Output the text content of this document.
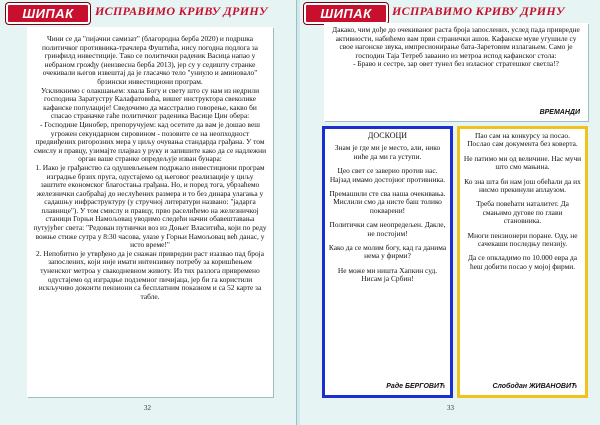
ШИПАК	ИСПРАВИМО КРИВУ ДРИНУ

Чини се да "пијачни самизат" (благородна берба 2020) и подршка политичког противника-трачлера Фуштића, нису погодна подлога за гринфилд инвестиције. Тако се политички раденик Васица напао у небраном грожђу (неизвесна берба 2013), јер су у седишту странке очекивали његов извештај да је гласачко тело "униуло и аминовало" брзински инвестициони програм.

Ускликнимо с олакшањем: хвала Богу и свету што су нам из недрили господина Заратустру Калафатовића, вишег инструктора свеколике кафанске популације! Сведочимо да масстрално говорење, какво би спасао страначке гаће политичког раденика Васице Цин обера:

- Господине Цинобер, препоручујем: кад осетите да вам је дошао веш угрожен секундарном сировином - позовите се на неопходност предвиђених ригорозних мера у циљу очувања стандарда грађана. У том смислу и правцу, узимајте плајваз у руку и запишите како да се надлежни орган ваше странке опредељује изван бунара:

1. Иако је грађанство са одушевљењем подржало инвестициони програм изградње брзих пруга, одустајемо од његовог реализације у циљу заштите економског благостања грађана. Но, и поред тога, убрзаћемо железнички саобраћај до неслућених размера и то без динара улагања у садашњу инфраструктуру (у стручној литератури названо: "јадарга плавнице"). У том смислу и правцу, прво раселићемо на железничкој станици Горњи Намољовац уводимо следећи начин обавештавања путујућег света: "Редован путнички воз из Доњег Власитића, који по реду вожње стиже сутра у 8:30 часова, улазе у Горњи Намољовац већ данас, у исто време!"

2. Непобитно је утврђено да је снажан привредни раст изазвао пад броја запослених, који није имати интензивну потребу за коришћењем туненског метроа у свакодневном животу. Из тих разлога привремено одустајемо од изградње подземног пичијаца, јер би га користили искључиво доконти пензиони са бесплатним показном и са 52 карте за табле.

32
ШИПАК	ИСПРАВИМО КРИВУ ДРИНУ

Дакако, чим дође до очекиваног раста броја запослених, услед пада привредне активности, набићемо вам први странички ашов. Кафанске муве угушиле су свое нагонске звука, импресионирање бата-Заретовим излагањем. Само је господин Таја Тетреб заванио из метроа испод кафанског стола:

- Браво и сестре, зар овет тунел без изласног стратешког светла!?

ВРЕМАНДИ
ДОСКОЦИ

Знам је где ми је место, али, нико ниће да ми га уступи.

Цео свет се заверио против нас. Најзад имамо достојног противника.

Премашили сте сва наша очекивања. Мислили смо да нисте баш толико покварени!

Политички сам неопредељен. Дакле, не постојим!

Како да се молим богу, кад га данима нема у фирми?

Не може ми ништа Хапкин суд. Нисам ја Србин!

Раде БЕРГОВИЋ

Пао сам на конкурсу за посао. Послао сам документа без коверта.

Не патимо ми од величине. Нас мучи што смо мањина.

Ко зна шта би нам још обећали да их нисмо прекинули аплаузом.

Треба повећати наталитет. Да смањимо дугове по глави становника.

Многи пензионери поране. Оду, не сачекаши последњу пензију.

Да се опкладимо по 10.000 евра да ћеш добити посао у мојој фирми.

Слободан ЖИВАНОВИЋ
33
